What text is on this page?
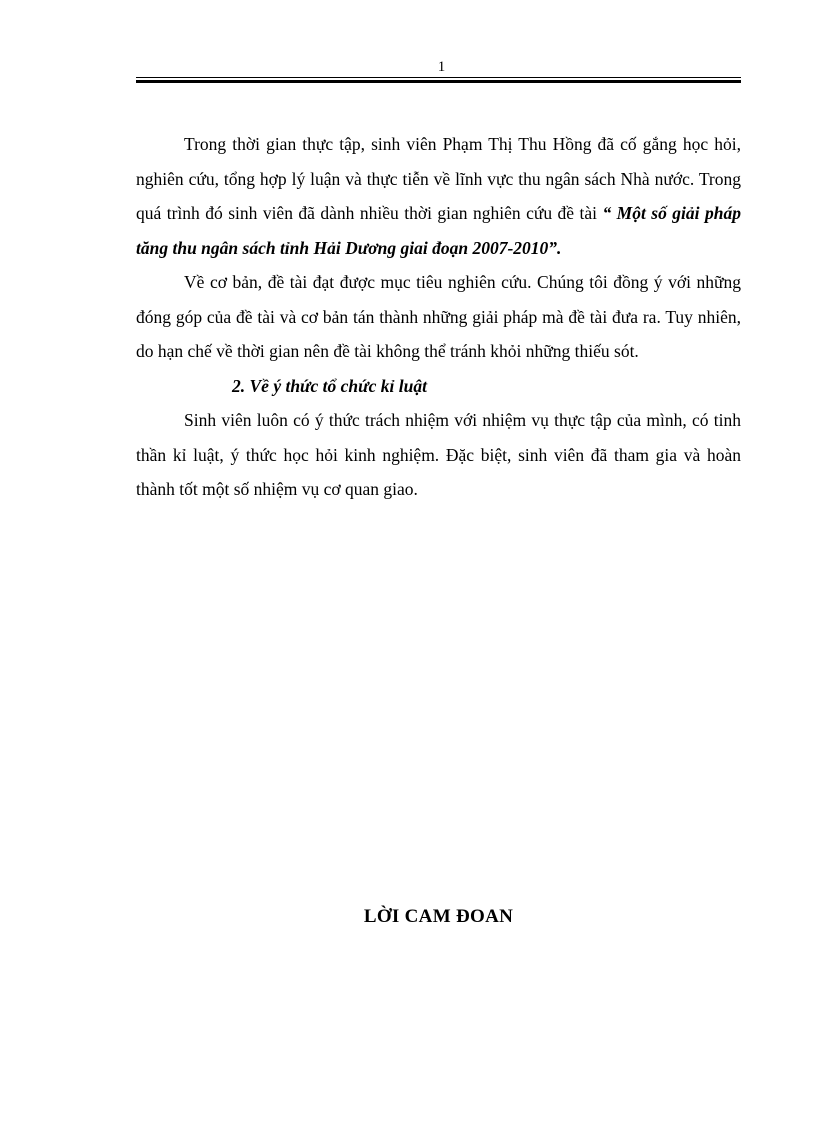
1

Trong thời gian thực tập, sinh viên Phạm Thị Thu Hồng đã cố gắng học hỏi, nghiên cứu, tổng hợp lý luận và thực tiễn về lĩnh vực thu ngân sách Nhà nước. Trong quá trình đó sinh viên đã dành nhiều thời gian nghiên cứu đề tài “ Một số giải pháp tăng thu ngân sách tỉnh Hải Dương giai đoạn 2007-2010”.

Về cơ bản, đề tài đạt được mục tiêu nghiên cứu. Chúng tôi đồng ý với những đóng góp của đề tài và cơ bản tán thành những giải pháp mà đề tài đưa ra. Tuy nhiên, do hạn chế về thời gian nên đề tài không thể tránh khỏi những thiếu sót.

2. Về ý thức tổ chức kỉ luật

Sinh viên luôn có ý thức trách nhiệm với nhiệm vụ thực tập của mình, có tinh thần kỉ luật, ý thức học hỏi kinh nghiệm. Đặc biệt, sinh viên đã tham gia và hoàn thành tốt một số nhiệm vụ cơ quan giao.

LỜI CAM ĐOAN
